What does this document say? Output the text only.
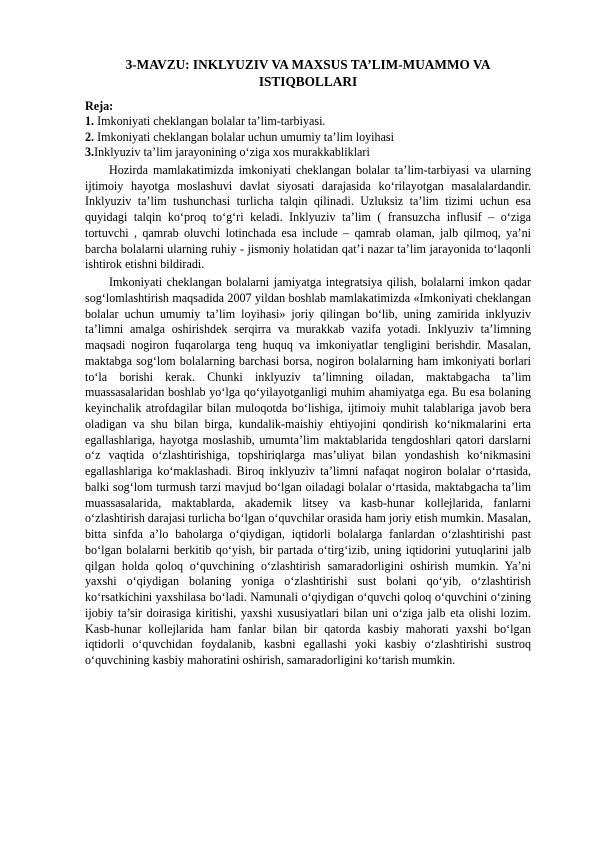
3-MAVZU: INKLYUZIV VA MAXSUS TA’LIM-MUAMMO VA ISTIQBOLLARI

Reja:

1. Imkoniyati cheklangan bolalar ta’lim-tarbiyasi.

2. Imkoniyati cheklangan bolalar uchun umumiy ta’lim loyihasi

3.Inklyuziv ta’lim jarayonining o‘ziga xos murakkabliklari

Hozirda mamlakatimizda imkoniyati cheklangan bolalar ta’lim-tarbiyasi va ularning ijtimoiy hayotga moslashuvi davlat siyosati darajasida ko‘rilayotgan masalalardandir. Inklyuziv ta’lim tushunchasi turlicha talqin qilinadi. Uzluksiz ta’lim tizimi uchun esa quyidagi talqin ko‘proq to‘g‘ri keladi. Inklyuziv ta’lim ( fransuzcha influsif – o‘ziga tortuvchi , qamrab oluvchi lotinchada esa include – qamrab olaman, jalb qilmoq, ya’ni barcha bolalarni ularning ruhiy - jismoniy holatidan qat’i nazar ta’lim jarayonida to‘laqonli ishtirok etishni bildiradi.

Imkoniyati cheklangan bolalarni jamiyatga integratsiya qilish, bolalarni imkon qadar sog‘lomlashtirish maqsadida 2007 yildan boshlab mamlakatimizda «Imkoniyati cheklangan bolalar uchun umumiy ta’lim loyihasi» joriy qilingan bo‘lib, uning zamirida inklyuziv ta’limni amalga oshirishdek serqirra va murakkab vazifa yotadi. Inklyuziv ta’limning maqsadi nogiron fuqarolarga teng huquq va imkoniyatlar tengligini berishdir. Masalan, maktabga sog‘lom bolalarning barchasi borsa, nogiron bolalarning ham imkoniyati borlari to‘la borishi kerak. Chunki inklyuziv ta’limning oiladan, maktabgacha ta’lim muassasalaridan boshlab yo‘lga qo‘yilayotganligi muhim ahamiyatga ega. Bu esa bolaning keyinchalik atrofdagilar bilan muloqotda bo‘lishiga, ijtimoiy muhit talablariga javob bera oladigan va shu bilan birga, kundalik-maishiy ehtiyojini qondirish ko‘nikmalarini erta egallashlariga, hayotga moslashib, umumta’lim maktablarida tengdoshlari qatori darslarni o‘z vaqtida o‘zlashtirishiga, topshiriqlarga mas’uliyat bilan yondashish ko‘nikmasini egallashlariga ko‘maklashadi. Biroq inklyuziv ta’limni nafaqat nogiron bolalar o‘rtasida, balki sog‘lom turmush tarzi mavjud bo‘lgan oiladagi bolalar o‘rtasida, maktabgacha ta’lim muassasalarida, maktablarda, akademik litsey va kasb-hunar kollejlarida, fanlarni o‘zlashtirish darajasi turlicha bo‘lgan o‘quvchilar orasida ham joriy etish mumkin. Masalan, bitta sinfda a’lo baholarga o‘qiydigan, iqtidorli bolalarga fanlardan o‘zlashtirishi past bo‘lgan bolalarni berkitib qo‘yish, bir partada o‘tirg‘izib, uning iqtidorini yutuqlarini jalb qilgan holda qoloq o‘quvchining o‘zlashtirish samaradorligini oshirish mumkin. Ya’ni yaxshi o‘qiydigan bolaning yoniga o‘zlashtirishi sust bolani qo‘yib, o‘zlashtirish ko‘rsatkichini yaxshilasa bo‘ladi. Namunali o‘qiydigan o‘quvchi qoloq o‘quvchini o‘zining ijobiy ta’sir doirasiga kiritishi, yaxshi xususiyatlari bilan uni o‘ziga jalb eta olishi lozim. Kasb-hunar kollejlarida ham fanlar bilan bir qatorda kasbiy mahorati yaxshi bo‘lgan iqtidorli o‘quvchidan foydalanib, kasbni egallashi yoki kasbiy o‘zlashtirishi sustroq o‘quvchining kasbiy mahoratini oshirish, samaradorligini ko‘tarish mumkin.
